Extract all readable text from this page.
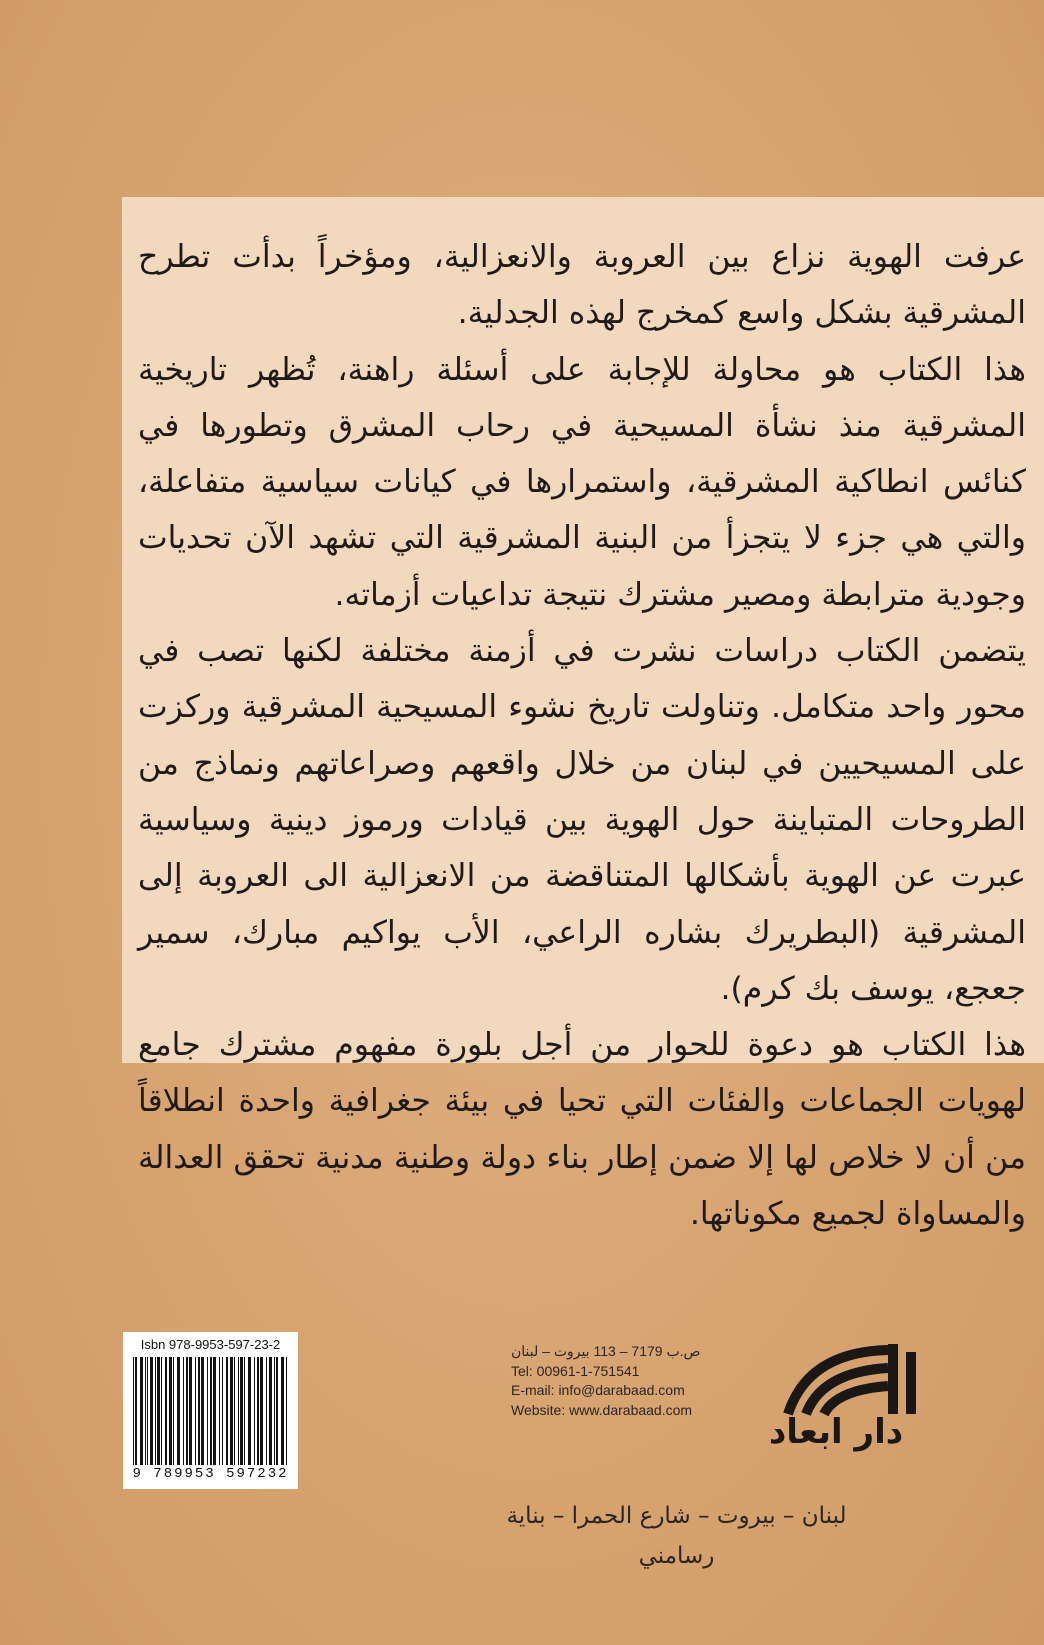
عرفت الهوية نزاع بين العروبة والانعزالية، ومؤخراً بدأت تطرح المشرقية بشكل واسع كمخرج لهذه الجدلية.

هذا الكتاب هو محاولة للإجابة على أسئلة راهنة، تُظهر تاريخية المشرقية منذ نشأة المسيحية في رحاب المشرق وتطورها في كنائس انطاكية المشرقية، واستمرارها في كيانات سياسية متفاعلة، والتي هي جزء لا يتجزأ من البنية المشرقية التي تشهد الآن تحديات وجودية مترابطة ومصير مشترك نتيجة تداعيات أزماته.

يتضمن الكتاب دراسات نشرت في أزمنة مختلفة لكنها تصب في محور واحد متكامل. وتناولت تاريخ نشوء المسيحية المشرقية وركزت على المسيحيين في لبنان من خلال واقعهم وصراعاتهم ونماذج من الطروحات المتباينة حول الهوية بين قيادات ورموز دينية وسياسية عبرت عن الهوية بأشكالها المتناقضة من الانعزالية الى العروبة إلى المشرقية (البطريرك بشاره الراعي، الأب يواكيم مبارك، سمير جعجع، يوسف بك كرم).

هذا الكتاب هو دعوة للحوار من أجل بلورة مفهوم مشترك جامع لهويات الجماعات والفئات التي تحيا في بيئة جغرافية واحدة انطلاقاً من أن لا خلاص لها إلا ضمن إطار بناء دولة وطنية مدنية تحقق العدالة والمساواة لجميع مكوناتها.

Isbn 978-9953-597-23-2
9 789953 597232
ص.ب 7179 – 113 بيروت – لبنان
Tel: 00961-1-751541
E-mail: info@darabaad.com
Website: www.darabaad.com
لبنان – بيروت – شارع الحمرا – بناية رسامني
دار ابعاد
